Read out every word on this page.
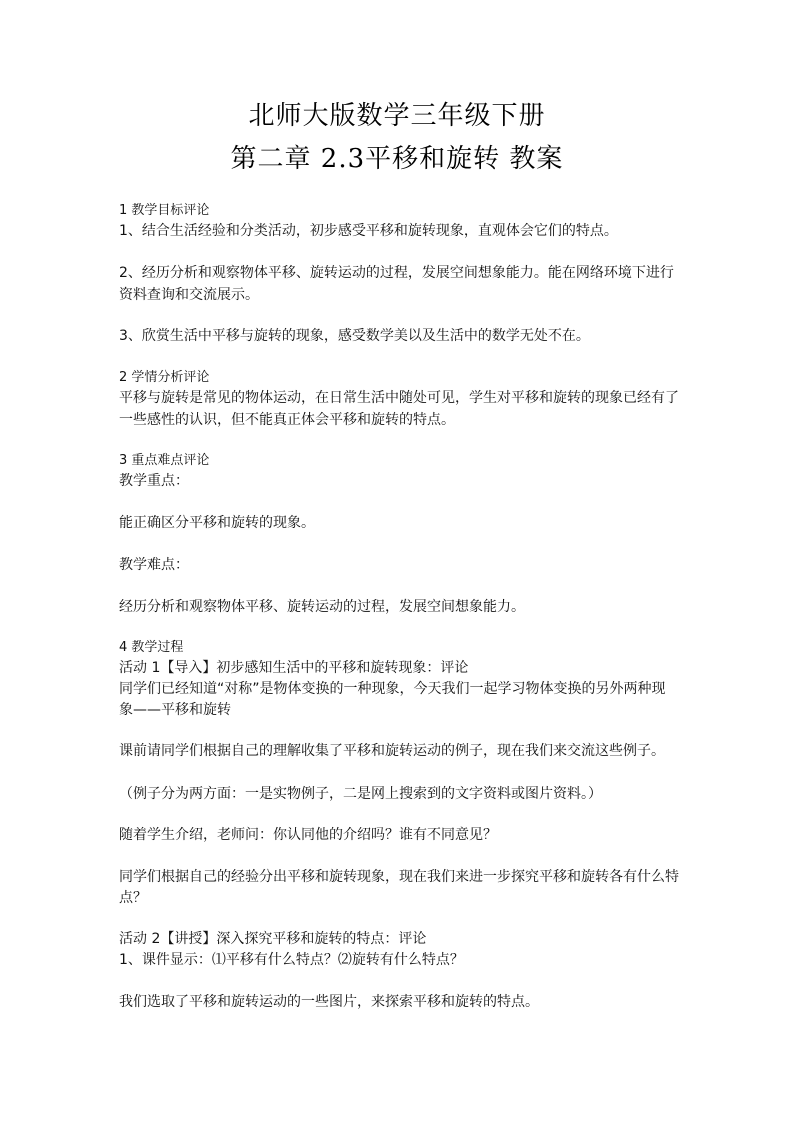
北师大版数学三年级下册
第二章 2.3平移和旋转 教案
1 教学目标评论
1、结合生活经验和分类活动，初步感受平移和旋转现象，直观体会它们的特点。
2、经历分析和观察物体平移、旋转运动的过程，发展空间想象能力。能在网络环境下进行
资料查询和交流展示。
3、欣赏生活中平移与旋转的现象，感受数学美以及生活中的数学无处不在。
2 学情分析评论
平移与旋转是常见的物体运动，在日常生活中随处可见，学生对平移和旋转的现象已经有了
一些感性的认识，但不能真正体会平移和旋转的特点。
3 重点难点评论
教学重点：
能正确区分平移和旋转的现象。
教学难点：
经历分析和观察物体平移、旋转运动的过程，发展空间想象能力。
4 教学过程
活动 1【导入】初步感知生活中的平移和旋转现象：评论
同学们已经知道“对称”是物体变换的一种现象，今天我们一起学习物体变换的另外两种现
象——平移和旋转
课前请同学们根据自己的理解收集了平移和旋转运动的例子，现在我们来交流这些例子。
（例子分为两方面：一是实物例子，二是网上搜索到的文字资料或图片资料。）
随着学生介绍，老师问：你认同他的介绍吗？谁有不同意见？
同学们根据自己的经验分出平移和旋转现象，现在我们来进一步探究平移和旋转各有什么特
点？
活动 2【讲授】深入探究平移和旋转的特点：评论
1、课件显示：⑴平移有什么特点？⑵旋转有什么特点？
我们选取了平移和旋转运动的一些图片，来探索平移和旋转的特点。
